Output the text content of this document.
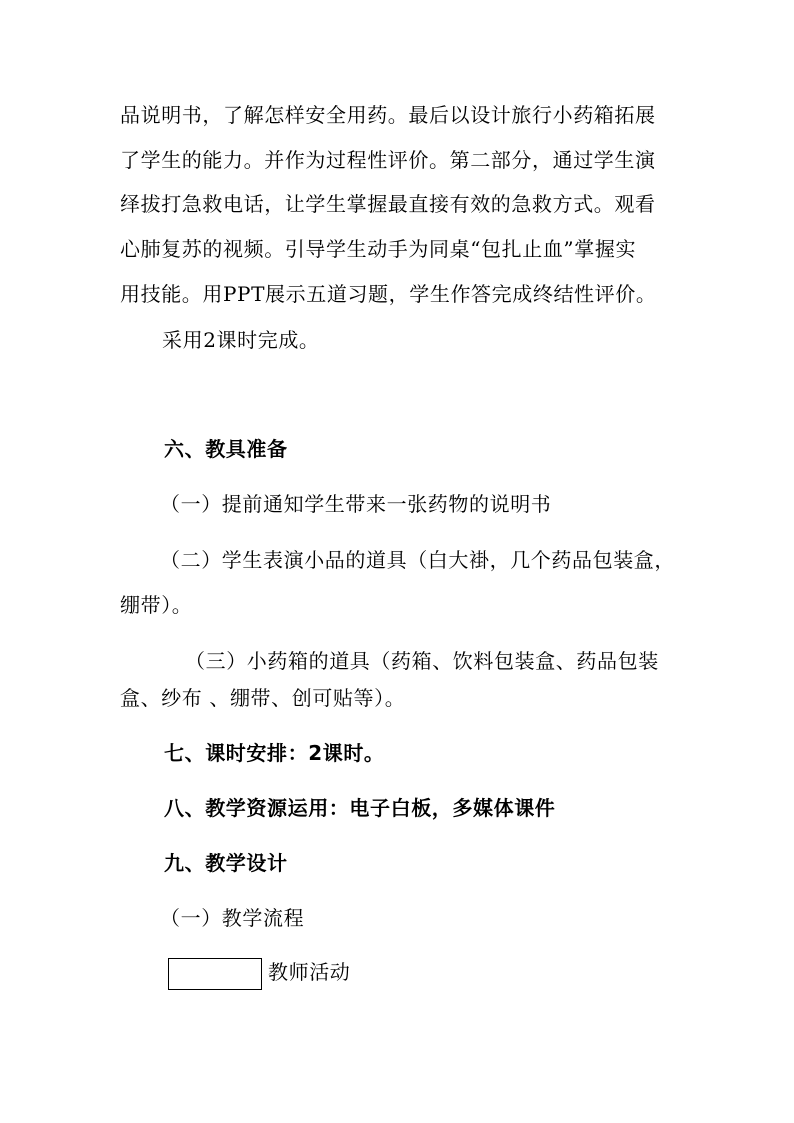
品说明书，了解怎样安全用药。最后以设计旅行小药箱拓展
了学生的能力。并作为过程性评价。第二部分，通过学生演
绎拔打急救电话，让学生掌握最直接有效的急救方式。观看
心肺复苏的视频。引导学生动手为同桌“包扎止血”掌握实
用技能。用PPT展示五道习题，学生作答完成终结性评价。
采用2课时完成。
六、教具准备
（一）提前通知学生带来一张药物的说明书
（二）学生表演小品的道具（白大褂，几个药品包装盒，
绷带）。
（三）小药箱的道具（药箱、饮料包装盒、药品包装
盒、纱布 、绷带、创可贴等）。
七、课时安排：2课时。
八、教学资源运用：电子白板，多媒体课件
九、教学设计
（一）教学流程
教师活动
